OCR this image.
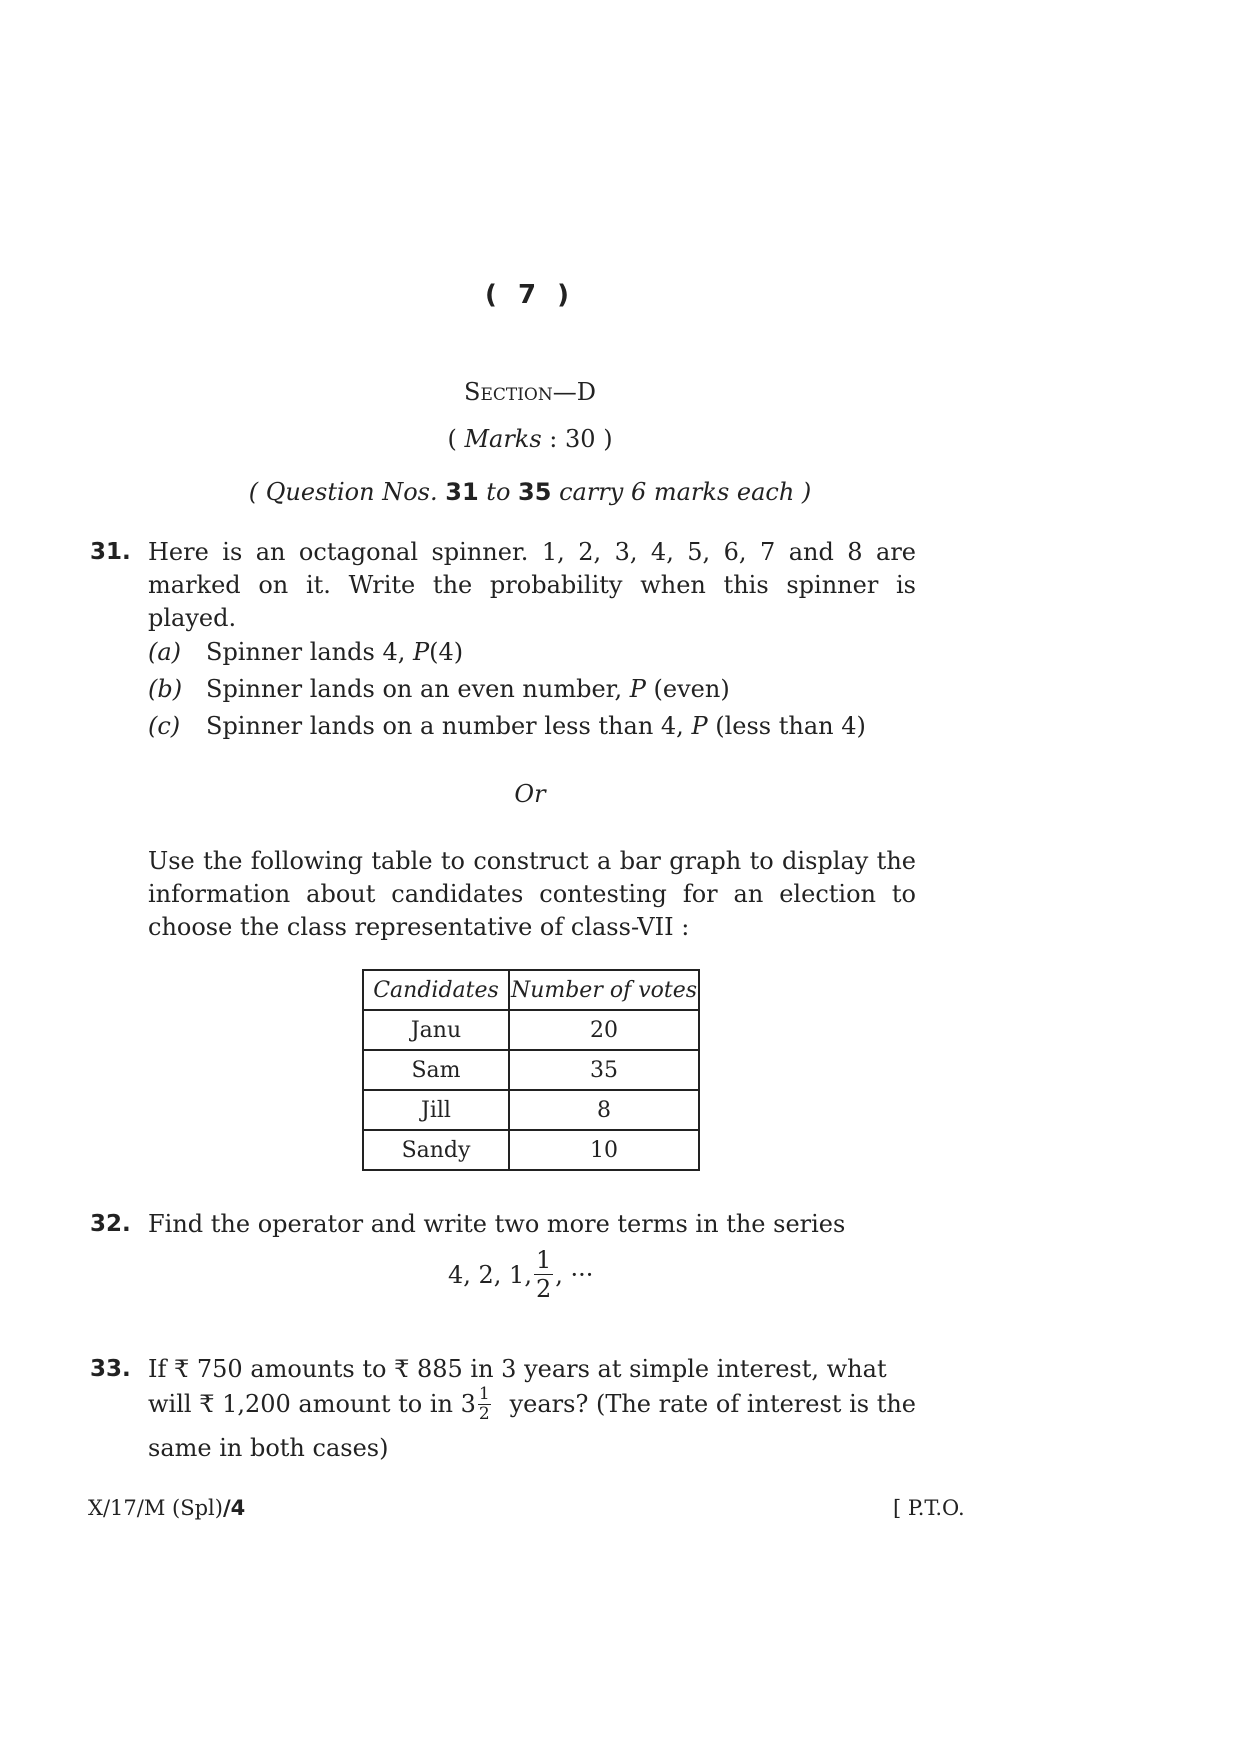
( 7 )
Section—D
( Marks : 30 )
( Question Nos. 31 to 35 carry 6 marks each )
31. Here is an octagonal spinner. 1, 2, 3, 4, 5, 6, 7 and 8 are marked on it. Write the probability when this spinner is played.
(a) Spinner lands 4, P(4)
(b) Spinner lands on an even number, P (even)
(c) Spinner lands on a number less than 4, P (less than 4)
Or
Use the following table to construct a bar graph to display the information about candidates contesting for an election to choose the class representative of class-VII :
Candidates	Number of votes
Janu	20
Sam	35
Jill	8
Sandy	10
32. Find the operator and write two more terms in the series
4, 2, 1, $\frac{1}{2}$ , ···
33. If ₹ 750 amounts to ₹ 885 in 3 years at simple interest, what
will ₹ 1,200 amount to in $3 \frac{1}{2}$ years? (The rate of interest is the
same in both cases)
X/17/M (Spl)/4	[ P.T.O.
